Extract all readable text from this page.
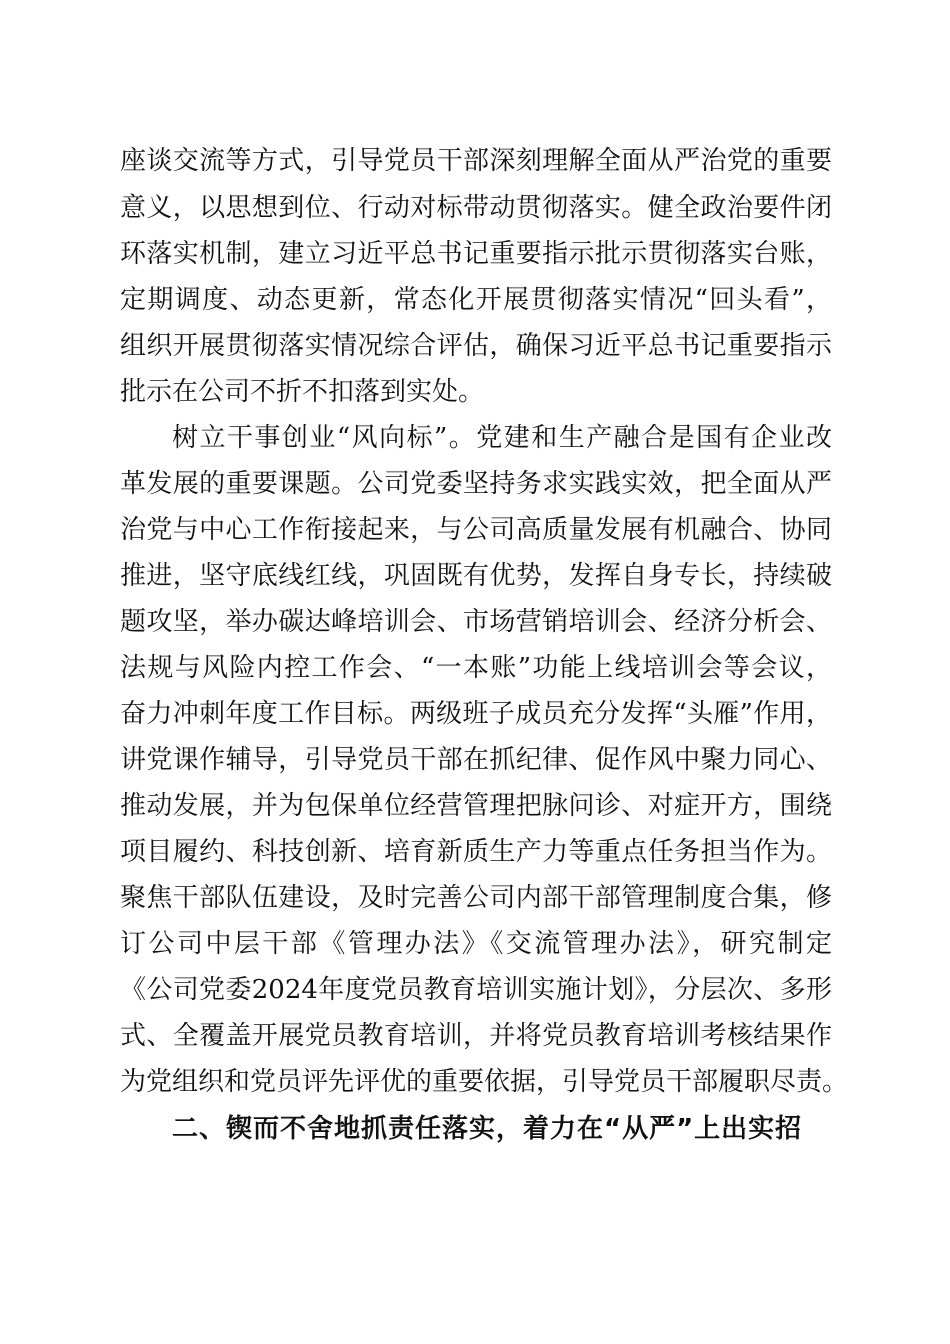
座谈交流等方式，引导党员干部深刻理解全面从严治党的重要
意义，以思想到位、行动对标带动贯彻落实。健全政治要件闭
环落实机制，建立习近平总书记重要指示批示贯彻落实台账，
定期调度、动态更新，常态化开展贯彻落实情况“回头看”，
组织开展贯彻落实情况综合评估，确保习近平总书记重要指示
批示在公司不折不扣落到实处。
树立干事创业“风向标”。党建和生产融合是国有企业改
革发展的重要课题。公司党委坚持务求实践实效，把全面从严
治党与中心工作衔接起来，与公司高质量发展有机融合、协同
推进，坚守底线红线，巩固既有优势，发挥自身专长，持续破
题攻坚，举办碳达峰培训会、市场营销培训会、经济分析会、
法规与风险内控工作会、“一本账”功能上线培训会等会议，
奋力冲刺年度工作目标。两级班子成员充分发挥“头雁”作用，
讲党课作辅导，引导党员干部在抓纪律、促作风中聚力同心、
推动发展，并为包保单位经营管理把脉问诊、对症开方，围绕
项目履约、科技创新、培育新质生产力等重点任务担当作为。
聚焦干部队伍建设，及时完善公司内部干部管理制度合集，修
订公司中层干部《管理办法》《交流管理办法》，研究制定
《公司党委2024年度党员教育培训实施计划》，分层次、多形
式、全覆盖开展党员教育培训，并将党员教育培训考核结果作
为党组织和党员评先评优的重要依据，引导党员干部履职尽责。
二、锲而不舍地抓责任落实，着力在“从严”上出实招
